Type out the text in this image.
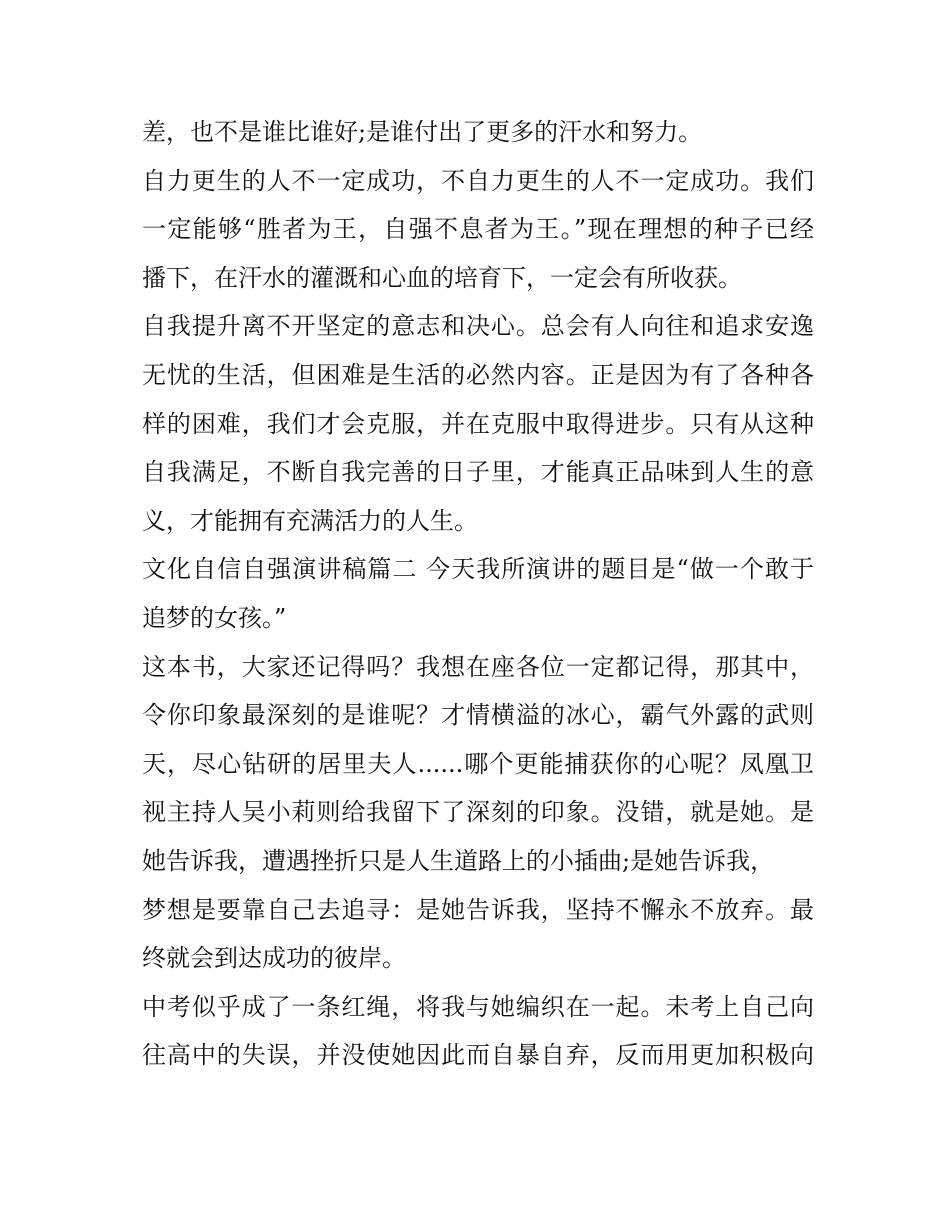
差，也不是谁比谁好;是谁付出了更多的汗水和努力。
自力更生的人不一定成功，不自力更生的人不一定成功。我们
一定能够“胜者为王，自强不息者为王。”现在理想的种子已经
播下，在汗水的灌溉和心血的培育下，一定会有所收获。
自我提升离不开坚定的意志和决心。总会有人向往和追求安逸
无忧的生活，但困难是生活的必然内容。正是因为有了各种各
样的困难，我们才会克服，并在克服中取得进步。只有从这种
自我满足，不断自我完善的日子里，才能真正品味到人生的意
义，才能拥有充满活力的人生。
文化自信自强演讲稿篇二 今天我所演讲的题目是“做一个敢于
追梦的女孩。”
这本书，大家还记得吗？我想在座各位一定都记得，那其中，
令你印象最深刻的是谁呢？才情横溢的冰心，霸气外露的武则
天，尽心钻研的居里夫人......哪个更能捕获你的心呢？凤凰卫
视主持人吴小莉则给我留下了深刻的印象。没错，就是她。是
她告诉我，遭遇挫折只是人生道路上的小插曲;是她告诉我，
梦想是要靠自己去追寻：是她告诉我，坚持不懈永不放弃。最
终就会到达成功的彼岸。
中考似乎成了一条红绳，将我与她编织在一起。未考上自己向
往高中的失误，并没使她因此而自暴自弃，反而用更加积极向
